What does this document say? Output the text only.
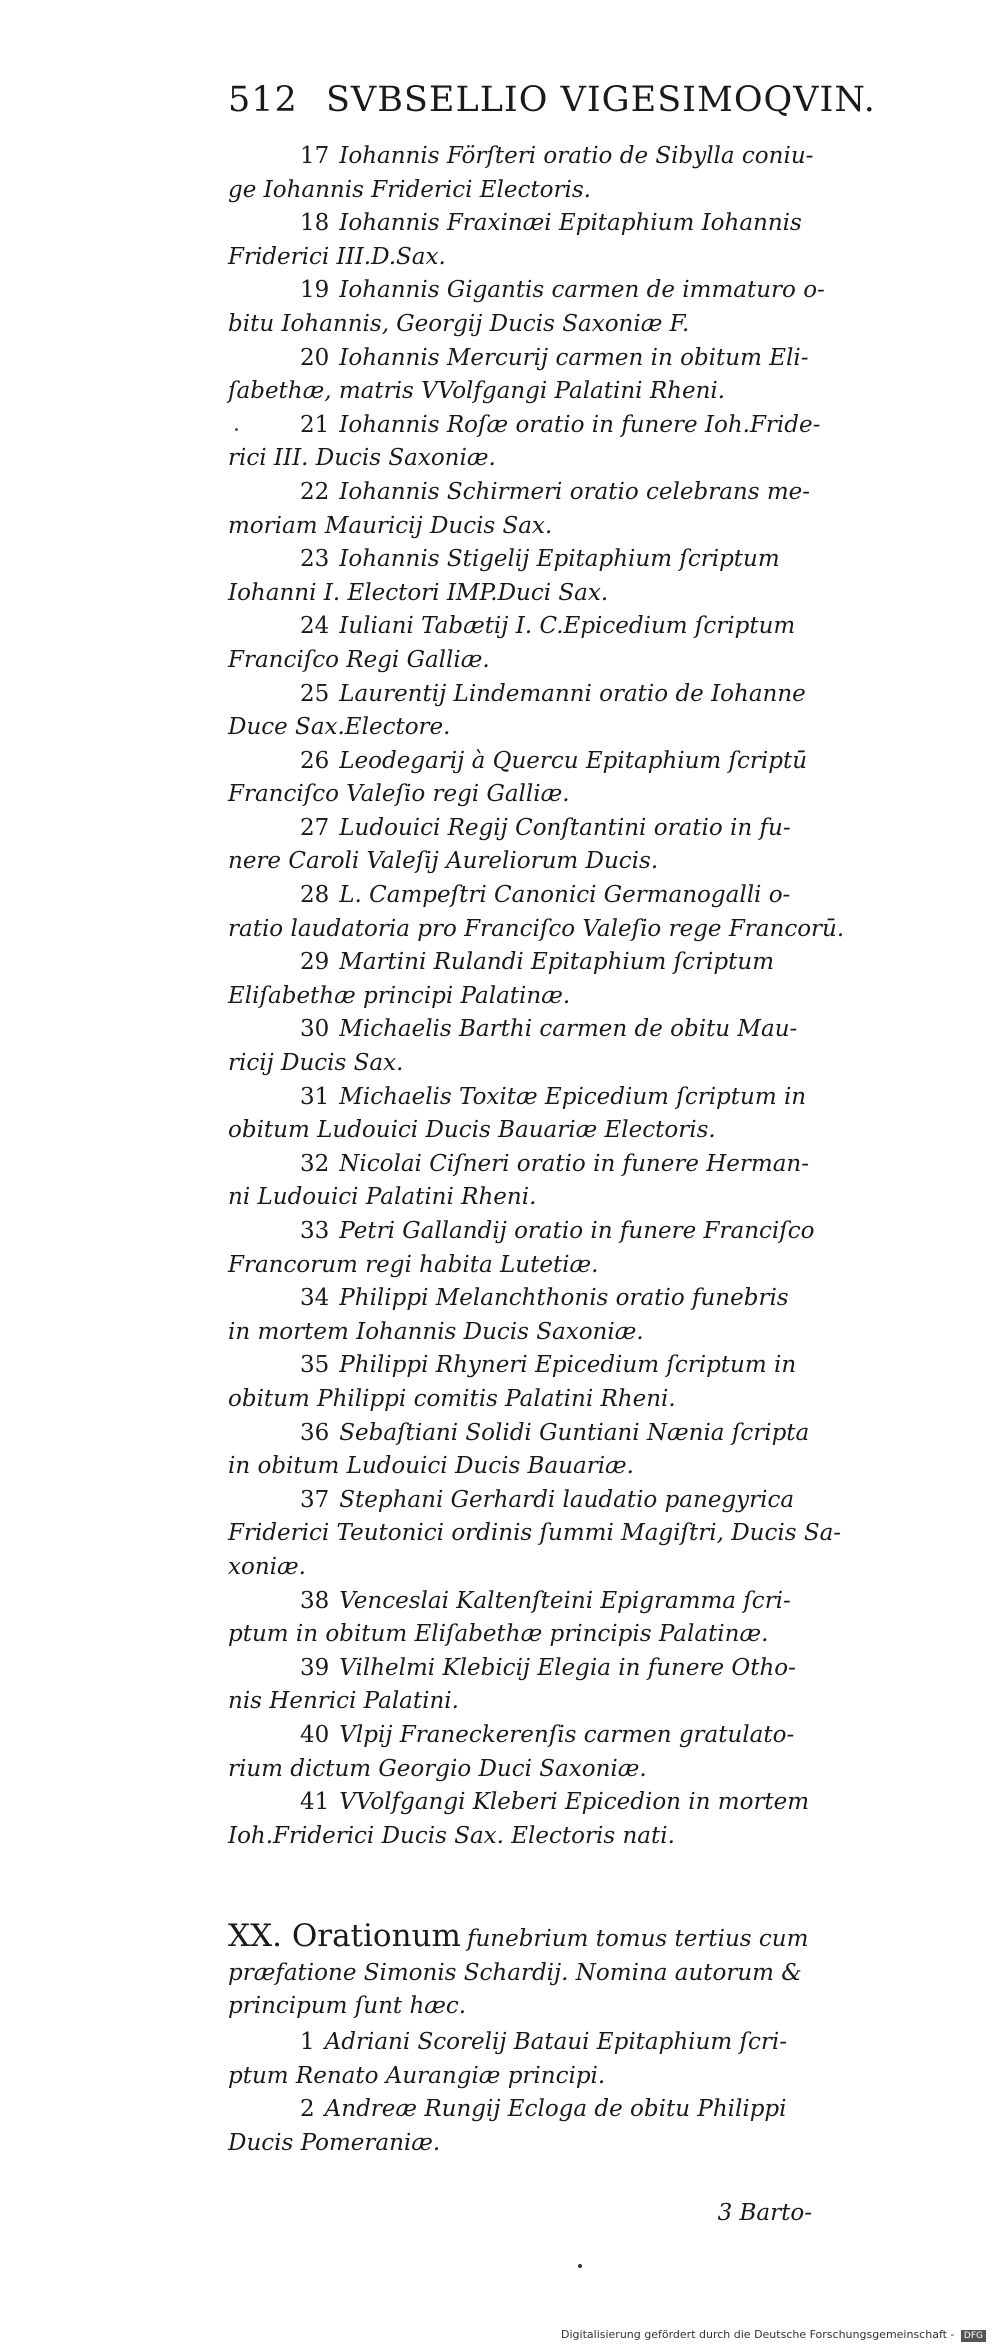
512 SVBSELLIO VIGESIMOQVIN.
17 Iohannis Förſteri oratio de Sibylla coniu-
ge Iohannis Friderici Electoris.
18 Iohannis Fraxinæi Epitaphium Iohannis
Friderici III.D.Sax.
19 Iohannis Gigantis carmen de immaturo o-
bitu Iohannis, Georgij Ducis Saxoniæ F.
20 Iohannis Mercurij carmen in obitum Eli-
ſabethæ, matris VVolfgangi Palatini Rheni.
21 Iohannis Roſæ oratio in funere Ioh.Fride-
rici III. Ducis Saxoniæ.
22 Iohannis Schirmeri oratio celebrans me-
moriam Mauricij Ducis Sax.
23 Iohannis Stigelij Epitaphium ſcriptum
Iohanni I. Electori IMP.Duci Sax.
24 Iuliani Tabætij I. C.Epicedium ſcriptum
Franciſco Regi Galliæ.
25 Laurentij Lindemanni oratio de Iohanne
Duce Sax.Electore.
26 Leodegarij à Quercu Epitaphium ſcriptū
Franciſco Valeſio regi Galliæ.
27 Ludouici Regij Conſtantini oratio in fu-
nere Caroli Valeſij Aureliorum Ducis.
28 L. Campeſtri Canonici Germanogalli o-
ratio laudatoria pro Franciſco Valeſio rege Francorū.
29 Martini Rulandi Epitaphium ſcriptum
Eliſabethæ principi Palatinæ.
30 Michaelis Barthi carmen de obitu Mau-
ricij Ducis Sax.
31 Michaelis Toxitæ Epicedium ſcriptum in
obitum Ludouici Ducis Bauariæ Electoris.
32 Nicolai Ciſneri oratio in funere Herman-
ni Ludouici Palatini Rheni.
33 Petri Gallandij oratio in funere Franciſco
Francorum regi habita Lutetiæ.
34 Philippi Melanchthonis oratio funebris
in mortem Iohannis Ducis Saxoniæ.
35 Philippi Rhyneri Epicedium ſcriptum in
obitum Philippi comitis Palatini Rheni.
36 Sebaſtiani Solidi Guntiani Nænia ſcripta
in obitum Ludouici Ducis Bauariæ.
37 Stephani Gerhardi laudatio panegyrica
Friderici Teutonici ordinis ſummi Magiſtri, Ducis Sa-
xoniæ.
38 Venceslai Kaltenſteini Epigramma ſcri-
ptum in obitum Eliſabethæ principis Palatinæ.
39 Vilhelmi Klebicij Elegia in funere Otho-
nis Henrici Palatini.
40 Vlpij Franeckerenſis carmen gratulato-
rium dictum Georgio Duci Saxoniæ.
41 VVolfgangi Kleberi Epicedion in mortem
Ioh.Friderici Ducis Sax. Electoris nati.
XX. Orationum funebrium tomus tertius cum
præfatione Simonis Schardij. Nomina autorum &
principum ſunt hæc.
1 Adriani Scorelij Bataui Epitaphium ſcri-
ptum Renato Aurangiæ principi.
2 Andreæ Rungij Ecloga de obitu Philippi
Ducis Pomeraniæ.
3 Barto-
Digitalisierung gefördert durch die Deutsche Forschungsgemeinschaft - DFG
